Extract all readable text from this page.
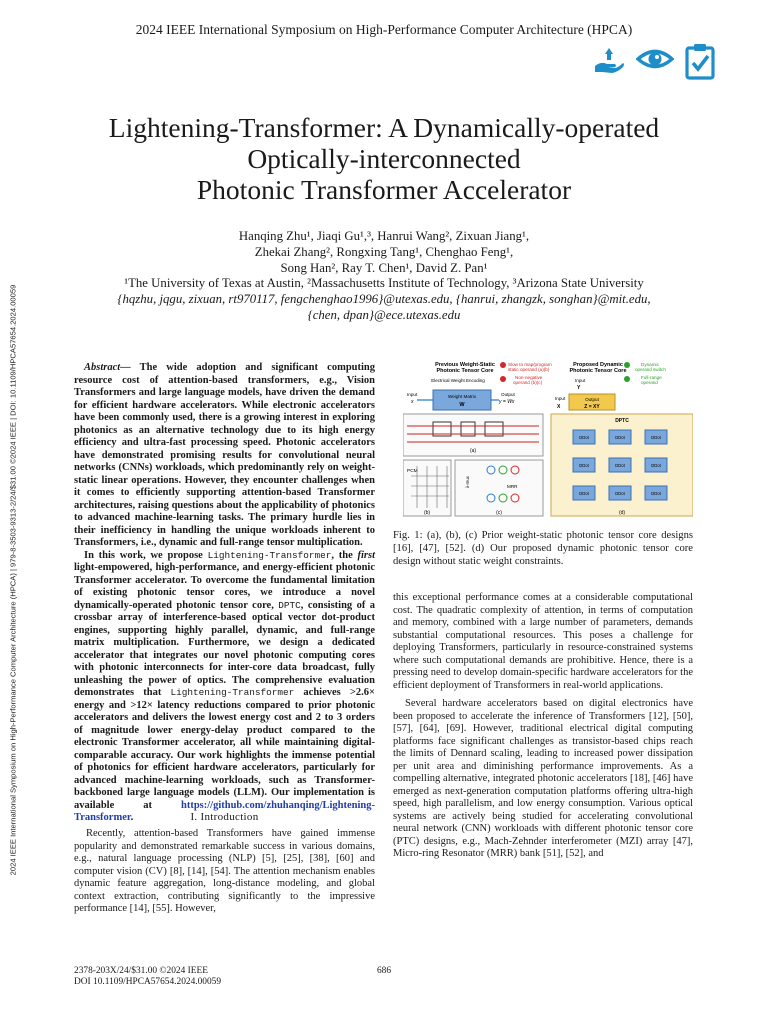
2024 IEEE International Symposium on High-Performance Computer Architecture (HPCA)
2024 IEEE International Symposium on High-Performance Computer Architecture (HPCA) | 979-8-3503-9313-2/24/$31.00 ©2024 IEEE | DOI: 10.1109/HPCA57654.2024.00059
Lightening-Transformer: A Dynamically-operated
Optically-interconnected
Photonic Transformer Accelerator
Hanqing Zhu¹, Jiaqi Gu¹,³, Hanrui Wang², Zixuan Jiang¹,
Zhekai Zhang², Rongxing Tang¹, Chenghao Feng¹,
Song Han², Ray T. Chen¹, David Z. Pan¹
¹The University of Texas at Austin, ²Massachusetts Institute of Technology, ³Arizona State University
{hqzhu, jqgu, zixuan, rt970117, fengchenghao1996}@utexas.edu, {hanrui, zhangzk, songhan}@mit.edu,
{chen, dpan}@ece.utexas.edu

Abstract— The wide adoption and significant computing resource cost of attention-based transformers, e.g., Vision Transformers and large language models, have driven the demand for efficient hardware accelerators. While electronic accelerators have been commonly used, there is a growing interest in exploring photonics as an alternative technology due to its high energy efficiency and ultra-fast processing speed. Photonic accelerators have demonstrated promising results for convolutional neural networks (CNNs) workloads, which predominantly rely on weight-static linear operations. However, they encounter challenges when it comes to efficiently supporting attention-based Transformer architectures, raising questions about the applicability of photonics to advanced machine-learning tasks. The primary hurdle lies in their inefficiency in handling the unique workloads inherent to Transformers, i.e., dynamic and full-range tensor multiplication.

In this work, we propose Lightening-Transformer, the first light-empowered, high-performance, and energy-efficient photonic Transformer accelerator. To overcome the fundamental limitation of existing photonic tensor cores, we introduce a novel dynamically-operated photonic tensor core, DPTC, consisting of a crossbar array of interference-based optical vector dot-product engines, supporting highly parallel, dynamic, and full-range matrix multiplication. Furthermore, we design a dedicated accelerator that integrates our novel photonic computing cores with photonic interconnects for inter-core data broadcast, fully unleashing the power of optics. The comprehensive evaluation demonstrates that Lightening-Transformer achieves >2.6× energy and >12× latency reductions compared to prior photonic accelerators and delivers the lowest energy cost and 2 to 3 orders of magnitude lower energy-delay product compared to the electronic Transformer accelerator, all while maintaining digital-comparable accuracy. Our work highlights the immense potential of photonics for efficient hardware accelerators, particularly for advanced machine-learning workloads, such as Transformer-backboned large language models (LLM). Our implementation is available at https://github.com/zhuhanqing/Lightening-Transformer.	I. Introduction

Recently, attention-based Transformers have gained immense popularity and demonstrated remarkable success in various domains, e.g., natural language processing (NLP) [5], [25], [38], [60] and computer vision (CV) [8], [14], [54]. The attention mechanism enables dynamic feature aggregation, long-distance modeling, and global context extraction, contributing significantly to the impressive performance [14], [55]. However,

Previous Weight-Static
Photonic Tensor Core
Slow to map/program
static operand (a)(b)
Non-negative
operand (b)(c)
Electrical Weight Encoding
Weight Matrix
W
Input
x
Output
y = Wx
(a)
PCM
(b)
λ-mux	MRR
(c)
Proposed Dynamic
Photonic Tensor Core
Dynamic
operand switch
Full-range
operand
Input
Y
Input
X
Output
Z = XY
DPTC
DDot	DDot	DDot
DDot	DDot	DDot
DDot	DDot	DDot
(d)
Fig. 1: (a), (b), (c) Prior weight-static photonic tensor core designs [16], [47], [52]. (d) Our proposed dynamic photonic tensor core design without static weight constraints.

this exceptional performance comes at a considerable computational cost. The quadratic complexity of attention, in terms of computation and memory, combined with a large number of parameters, demands substantial computational resources. This poses a challenge for deploying Transformers, particularly in resource-constrained systems where such computational demands are prohibitive. Hence, there is a pressing need to develop domain-specific hardware accelerators for the efficient deployment of Transformers in real-world applications.

Several hardware accelerators based on digital electronics have been proposed to accelerate the inference of Transformers [12], [50], [57], [64], [69]. However, traditional electrical digital computing platforms face significant challenges as transistor-based chips reach the limits of Dennard scaling, leading to increased power dissipation per unit area and diminishing performance improvements. As a compelling alternative, integrated photonic accelerators [18], [46] have emerged as next-generation computation platforms offering ultra-high speed, high parallelism, and low energy consumption. Various optical systems are actively being studied for accelerating convolutional neural network (CNN) workloads with different photonic tensor core (PTC) designs, e.g., Mach-Zehnder interferometer (MZI) array [47], Micro-ring Resonator (MRR) bank [51], [52], and

2378-203X/24/$31.00 ©2024 IEEE
DOI 10.1109/HPCA57654.2024.00059
686
